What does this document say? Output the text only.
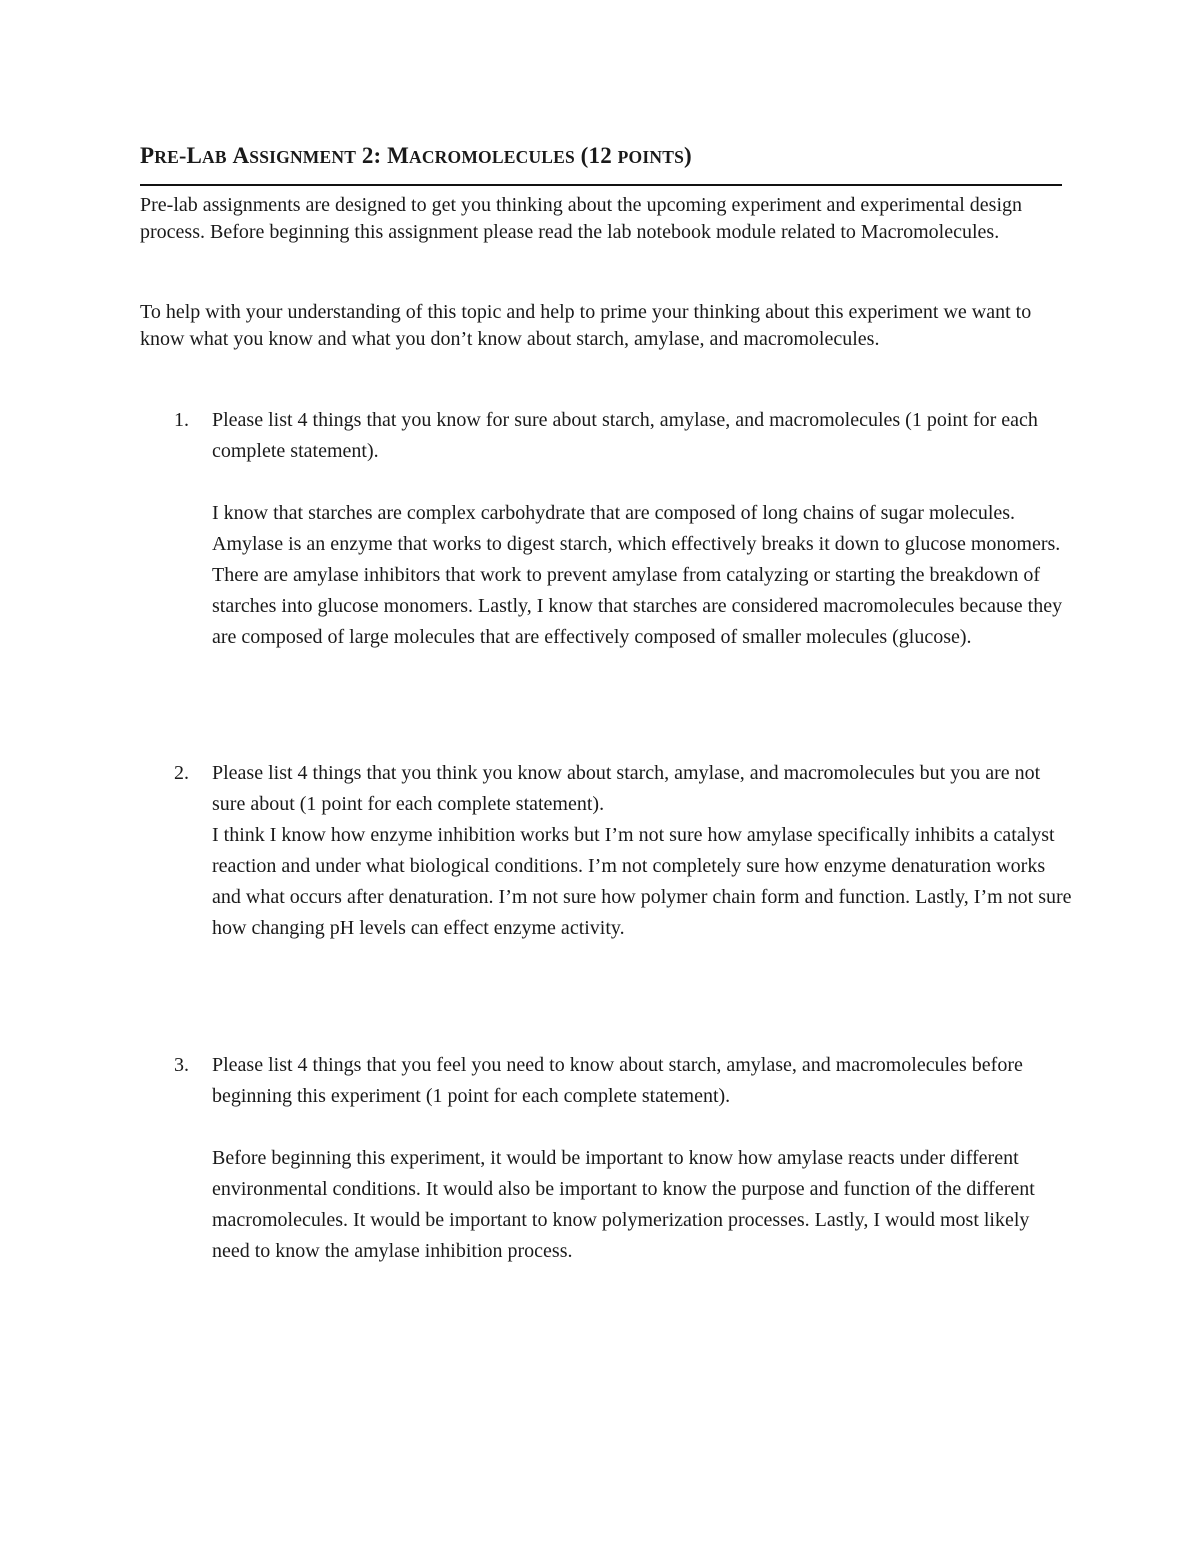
PRE-LAB ASSIGNMENT 2: MACROMOLECULES (12 POINTS)

Pre-lab assignments are designed to get you thinking about the upcoming experiment and experimental design process. Before beginning this assignment please read the lab notebook module related to Macromolecules.

To help with your understanding of this topic and help to prime your thinking about this experiment we want to know what you know and what you don’t know about starch, amylase, and macromolecules.

1. Please list 4 things that you know for sure about starch, amylase, and macromolecules (1 point for each complete statement).

I know that starches are complex carbohydrate that are composed of long chains of sugar molecules. Amylase is an enzyme that works to digest starch, which effectively breaks it down to glucose monomers. There are amylase inhibitors that work to prevent amylase from catalyzing or starting the breakdown of starches into glucose monomers. Lastly, I know that starches are considered macromolecules because they are composed of large molecules that are effectively composed of smaller molecules (glucose).

2. Please list 4 things that you think you know about starch, amylase, and macromolecules but you are not sure about (1 point for each complete statement).

I think I know how enzyme inhibition works but I’m not sure how amylase specifically inhibits a catalyst reaction and under what biological conditions. I’m not completely sure how enzyme denaturation works and what occurs after denaturation. I’m not sure how polymer chain form and function. Lastly, I’m not sure how changing pH levels can effect enzyme activity.

3. Please list 4 things that you feel you need to know about starch, amylase, and macromolecules before beginning this experiment (1 point for each complete statement).

Before beginning this experiment, it would be important to know how amylase reacts under different environmental conditions. It would also be important to know the purpose and function of the different macromolecules. It would be important to know polymerization processes. Lastly, I would most likely need to know the amylase inhibition process.
